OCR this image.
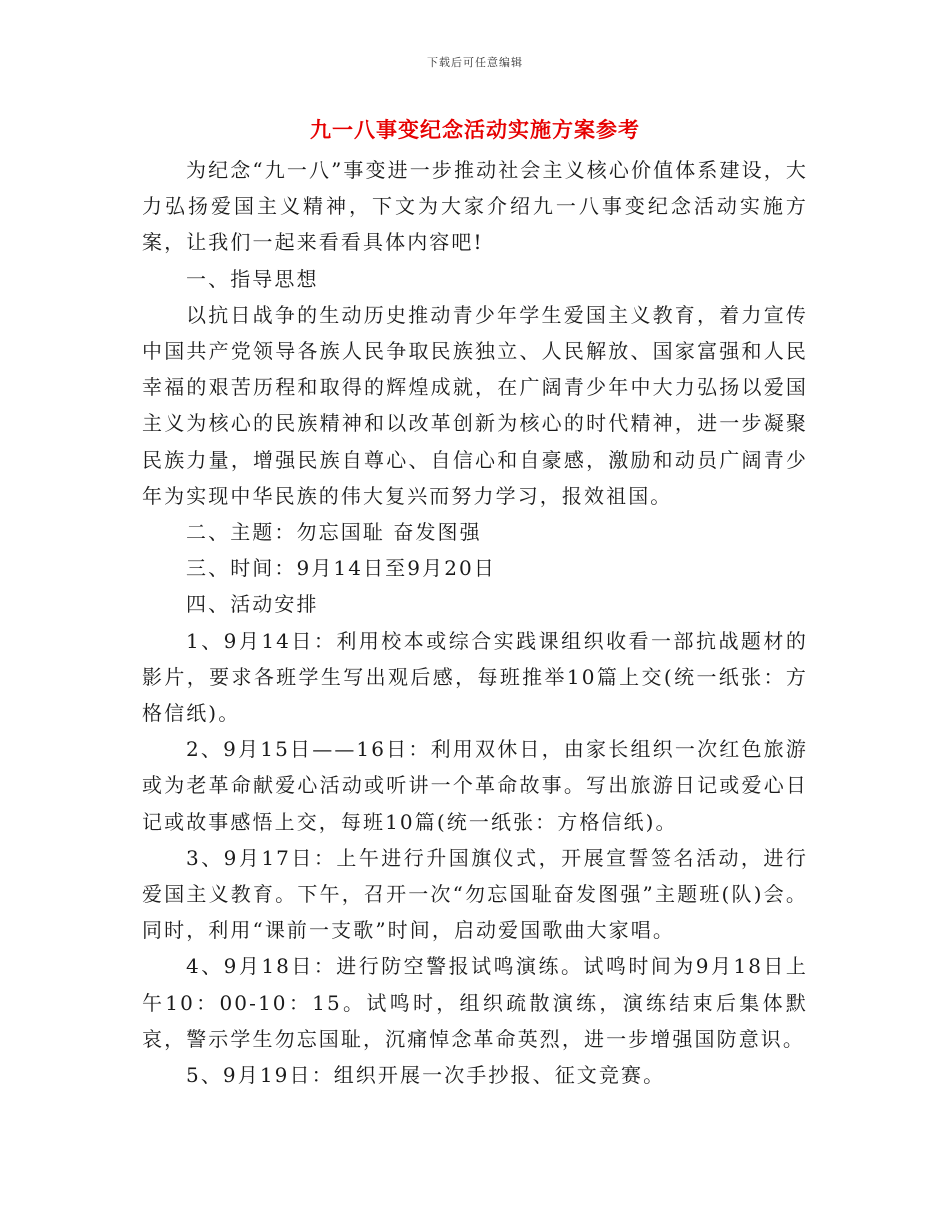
下载后可任意编辑
九一八事变纪念活动实施方案参考

为纪念“九一八”事变进一步推动社会主义核心价值体系建设，大力弘扬爱国主义精神，下文为大家介绍九一八事变纪念活动实施方案，让我们一起来看看具体内容吧!

一、指导思想

以抗日战争的生动历史推动青少年学生爱国主义教育，着力宣传中国共产党领导各族人民争取民族独立、人民解放、国家富强和人民幸福的艰苦历程和取得的辉煌成就，在广阔青少年中大力弘扬以爱国主义为核心的民族精神和以改革创新为核心的时代精神，进一步凝聚民族力量，增强民族自尊心、自信心和自豪感，激励和动员广阔青少年为实现中华民族的伟大复兴而努力学习，报效祖国。

二、主题：勿忘国耻 奋发图强

三、时间：9月14日至9月20日

四、活动安排

1、9月14日：利用校本或综合实践课组织收看一部抗战题材的影片，要求各班学生写出观后感，每班推举10篇上交(统一纸张：方格信纸)。

2、9月15日——16日：利用双休日，由家长组织一次红色旅游或为老革命献爱心活动或听讲一个革命故事。写出旅游日记或爱心日记或故事感悟上交，每班10篇(统一纸张：方格信纸)。

3、9月17日：上午进行升国旗仪式，开展宣誓签名活动，进行爱国主义教育。下午，召开一次“勿忘国耻奋发图强”主题班(队)会。同时，利用“课前一支歌”时间，启动爱国歌曲大家唱。

4、9月18日：进行防空警报试鸣演练。试鸣时间为9月18日上午10：00-10：15。试鸣时，组织疏散演练，演练结束后集体默哀，警示学生勿忘国耻，沉痛悼念革命英烈，进一步增强国防意识。

5、9月19日：组织开展一次手抄报、征文竞赛。
